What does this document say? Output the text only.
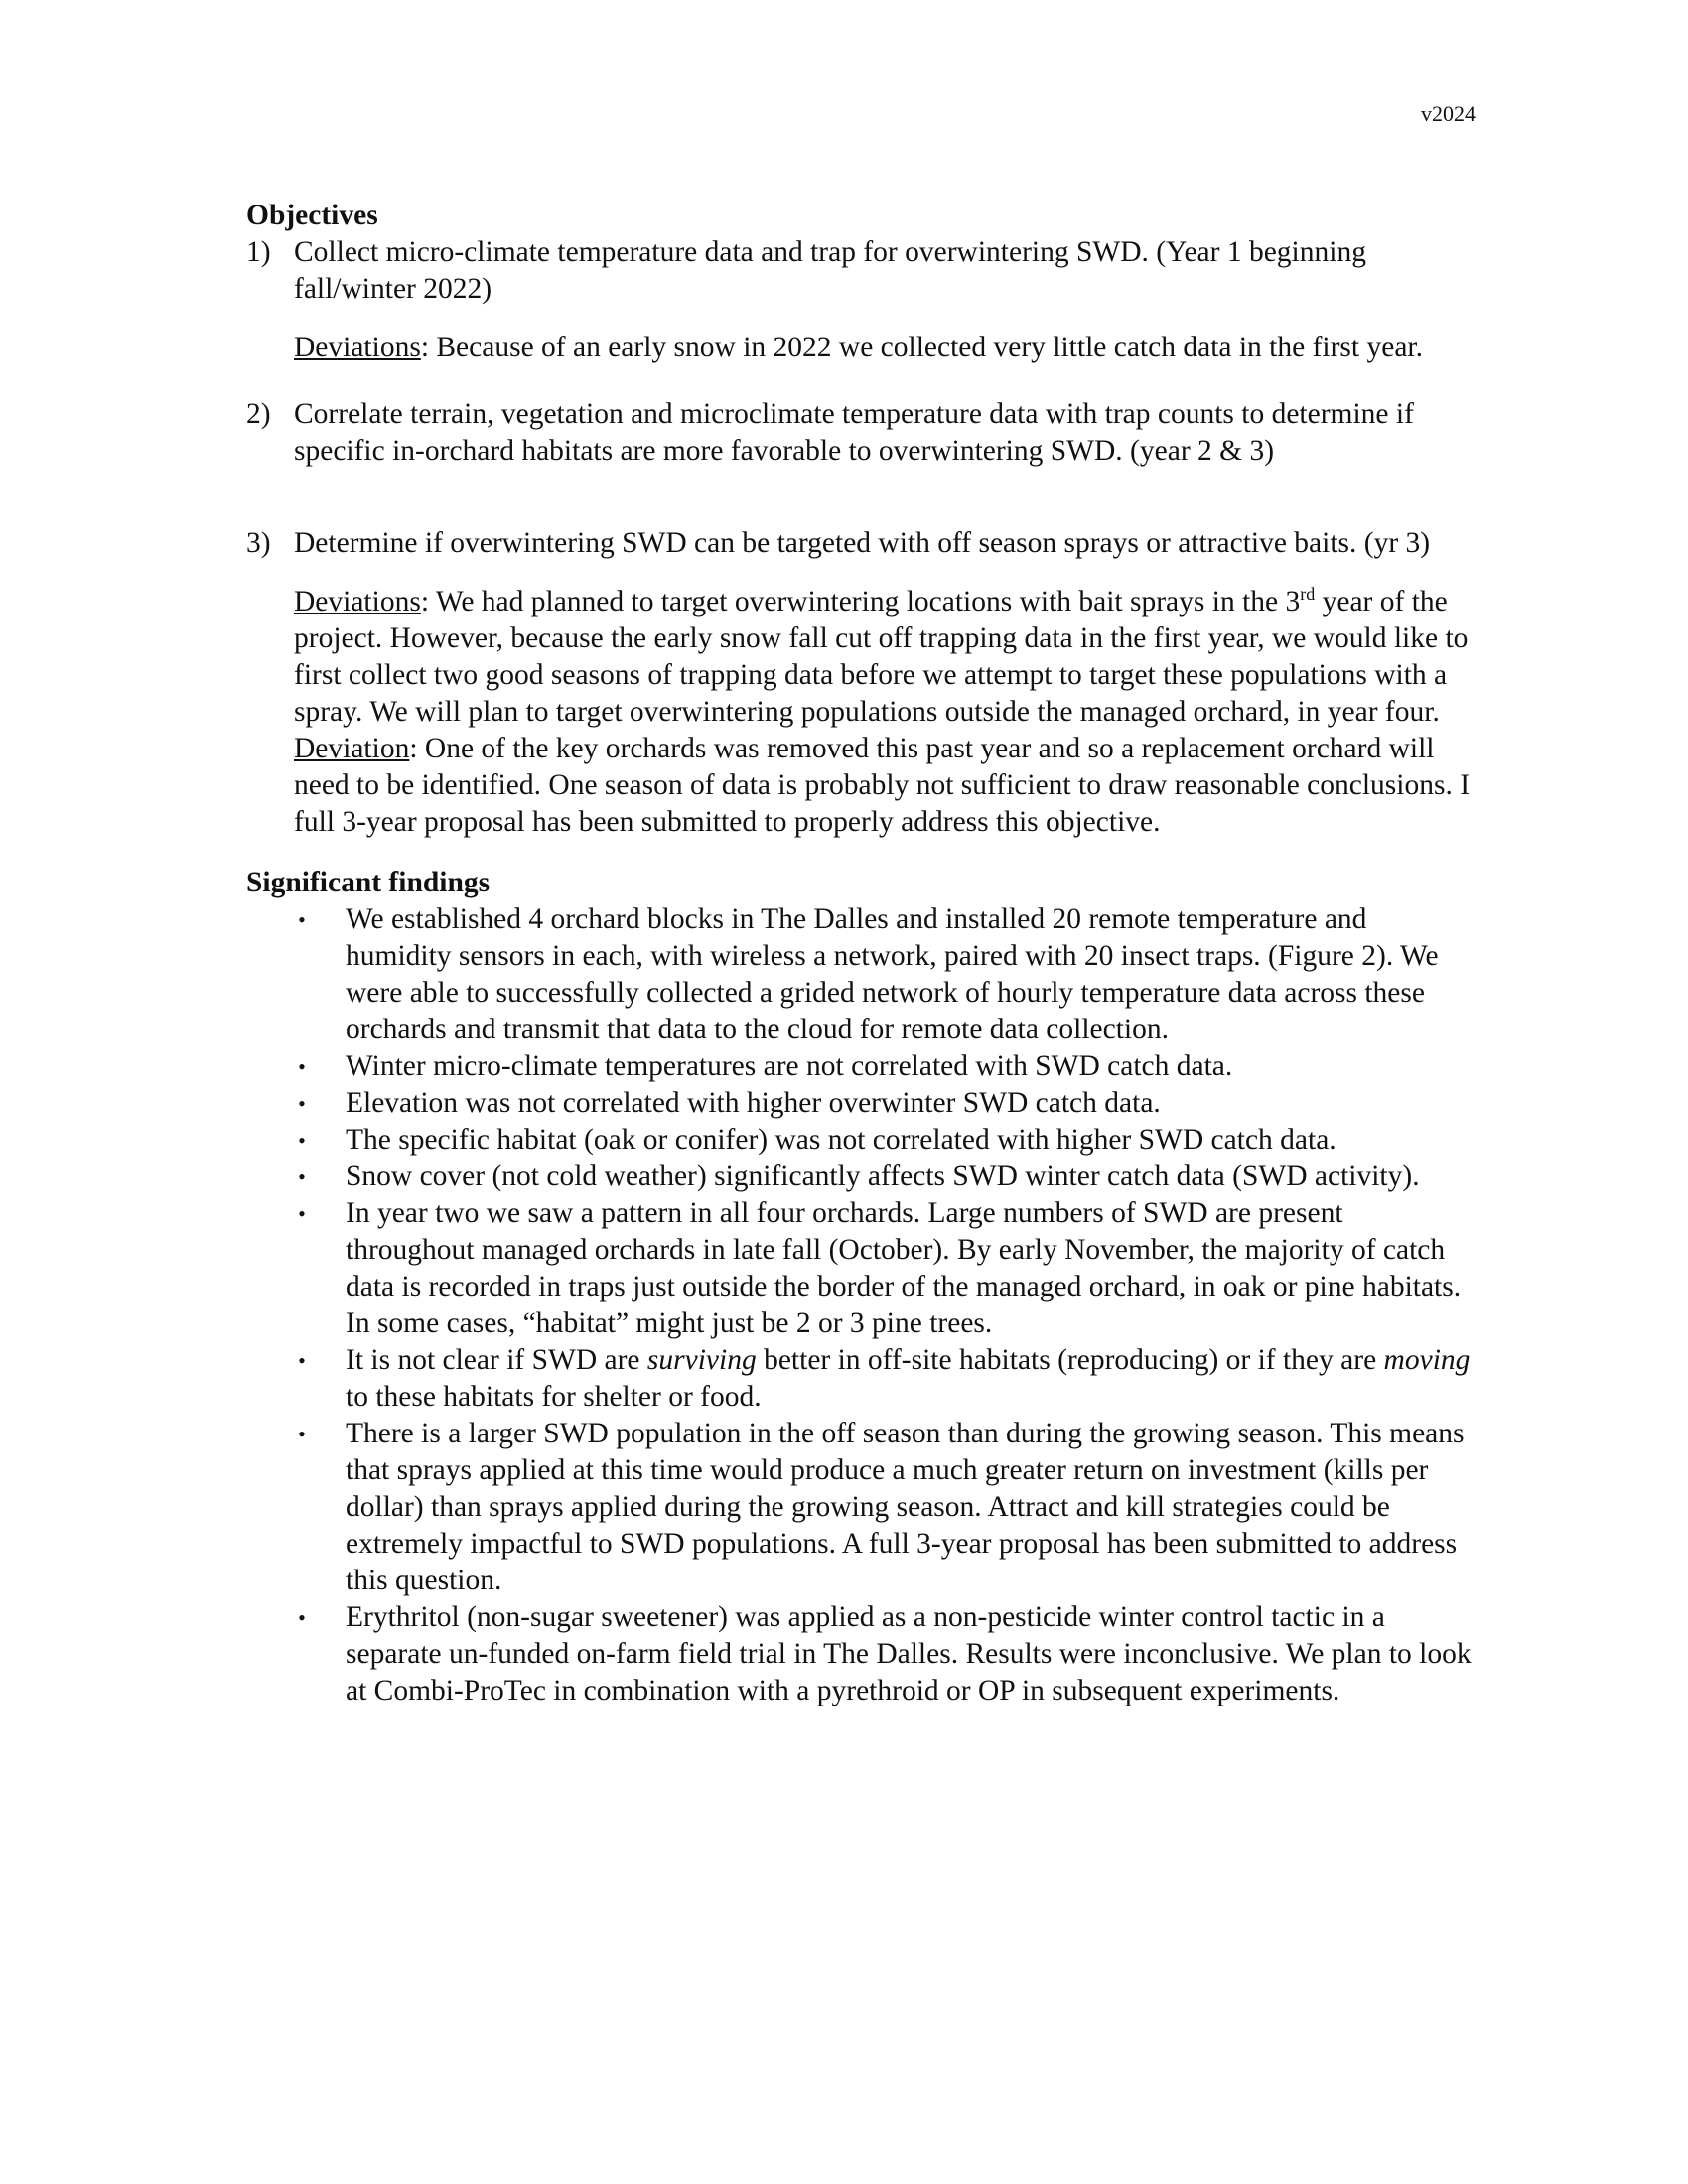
v2024
Objectives
1) Collect micro-climate temperature data and trap for overwintering SWD. (Year 1 beginning fall/winter 2022)
Deviations: Because of an early snow in 2022 we collected very little catch data in the first year.
2) Correlate terrain, vegetation and microclimate temperature data with trap counts to determine if specific in-orchard habitats are more favorable to overwintering SWD. (year 2 & 3)
3) Determine if overwintering SWD can be targeted with off season sprays or attractive baits. (yr 3)
Deviations: We had planned to target overwintering locations with bait sprays in the 3rd year of the project. However, because the early snow fall cut off trapping data in the first year, we would like to first collect two good seasons of trapping data before we attempt to target these populations with a spray. We will plan to target overwintering populations outside the managed orchard, in year four.
Deviation: One of the key orchards was removed this past year and so a replacement orchard will need to be identified. One season of data is probably not sufficient to draw reasonable conclusions. I full 3-year proposal has been submitted to properly address this objective.
Significant findings
•	We established 4 orchard blocks in The Dalles and installed 20 remote temperature and humidity sensors in each, with wireless a network, paired with 20 insect traps. (Figure 2). We were able to successfully collected a grided network of hourly temperature data across these orchards and transmit that data to the cloud for remote data collection.
•	Winter micro-climate temperatures are not correlated with SWD catch data.
•	Elevation was not correlated with higher overwinter SWD catch data.
•	The specific habitat (oak or conifer) was not correlated with higher SWD catch data.
•	Snow cover (not cold weather) significantly affects SWD winter catch data (SWD activity).
•	In year two we saw a pattern in all four orchards. Large numbers of SWD are present throughout managed orchards in late fall (October). By early November, the majority of catch data is recorded in traps just outside the border of the managed orchard, in oak or pine habitats. In some cases, “habitat” might just be 2 or 3 pine trees.
•	It is not clear if SWD are surviving better in off-site habitats (reproducing) or if they are moving to these habitats for shelter or food.
•	There is a larger SWD population in the off season than during the growing season. This means that sprays applied at this time would produce a much greater return on investment (kills per dollar) than sprays applied during the growing season. Attract and kill strategies could be extremely impactful to SWD populations. A full 3-year proposal has been submitted to address this question.
•	Erythritol (non-sugar sweetener) was applied as a non-pesticide winter control tactic in a separate un-funded on-farm field trial in The Dalles. Results were inconclusive. We plan to look at Combi-ProTec in combination with a pyrethroid or OP in subsequent experiments.
